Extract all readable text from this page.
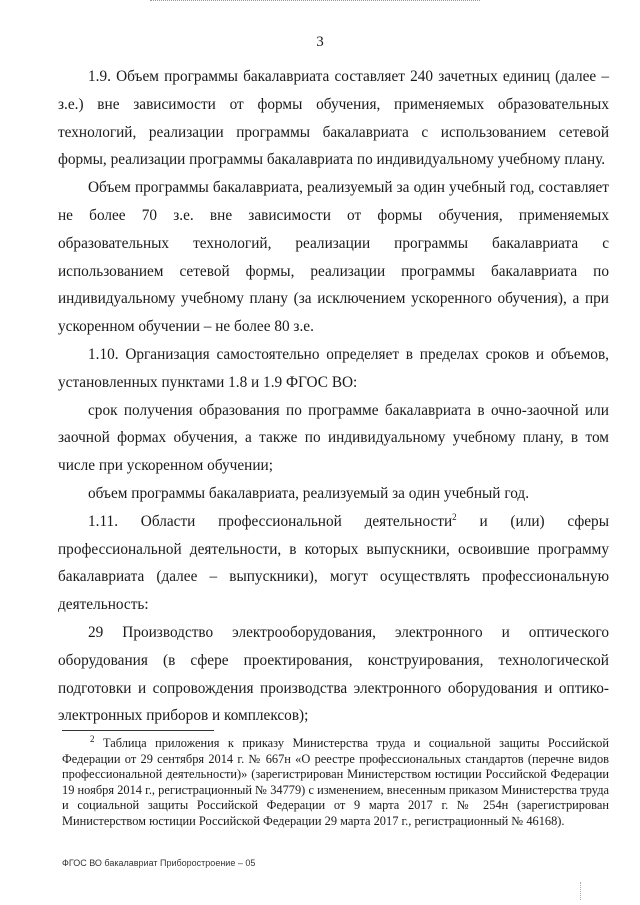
3

1.9. Объем программы бакалавриата составляет 240 зачетных единиц (далее – з.е.) вне зависимости от формы обучения, применяемых образовательных технологий, реализации программы бакалавриата с использованием сетевой формы, реализации программы бакалавриата по индивидуальному учебному плану.

Объем программы бакалавриата, реализуемый за один учебный год, составляет не более 70 з.е. вне зависимости от формы обучения, применяемых образовательных технологий, реализации программы бакалавриата с использованием сетевой формы, реализации программы бакалавриата по индивидуальному учебному плану (за исключением ускоренного обучения), а при ускоренном обучении – не более 80 з.е.

1.10. Организация самостоятельно определяет в пределах сроков и объемов, установленных пунктами 1.8 и 1.9 ФГОС ВО:

срок получения образования по программе бакалавриата в очно-заочной или заочной формах обучения, а также по индивидуальному учебному плану, в том числе при ускоренном обучении;

объем программы бакалавриата, реализуемый за один учебный год.

1.11. Области профессиональной деятельности$^2$ и (или) сферы профессиональной деятельности, в которых выпускники, освоившие программу бакалавриата (далее – выпускники), могут осуществлять профессиональную деятельность:

29 Производство электрооборудования, электронного и оптического оборудования (в сфере проектирования, конструирования, технологической подготовки и сопровождения производства электронного оборудования и оптико-электронных приборов и комплексов);

$^2$ Таблица приложения к приказу Министерства труда и социальной защиты Российской Федерации от 29 сентября 2014 г. № 667н «О реестре профессиональных стандартов (перечне видов профессиональной деятельности)» (зарегистрирован Министерством юстиции Российской Федерации 19 ноября 2014 г., регистрационный № 34779) с изменением, внесенным приказом Министерства труда и социальной защиты Российской Федерации от 9 марта 2017 г. № 254н (зарегистрирован Министерством юстиции Российской Федерации 29 марта 2017 г., регистрационный № 46168).

ФГОС ВО бакалавриат Приборостроение – 05
